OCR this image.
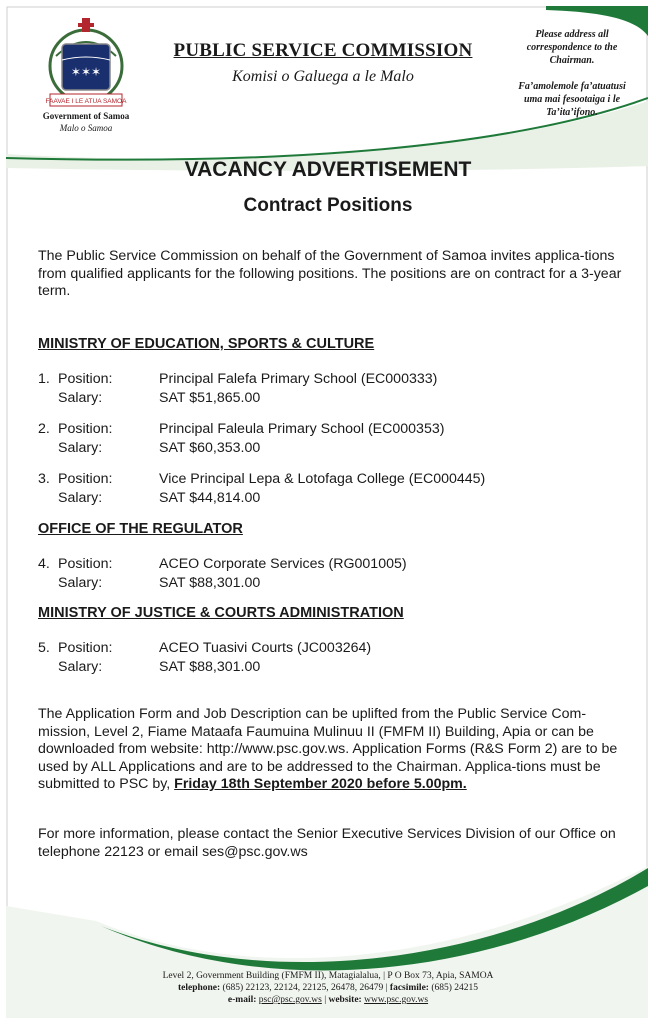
✶✶✶
FAAVAE I LE ATUA SAMOA
Government of Samoa
Malo o Samoa
PUBLIC SERVICE COMMISSION
Komisi o Galuega a le Malo

Please address all correspondence to the Chairman.

Fa’amolemole fa’atuatusi uma mai fesootaiga i le Ta’ita’ifono.

VACANCY ADVERTISEMENT
Contract Positions
The Public Service Commission on behalf of the Government of Samoa invites applica-tions from qualified applicants for the following positions. The positions are on contract for a 3-year term.
MINISTRY OF EDUCATION, SPORTS & CULTURE
1. Position:	Principal Falefa Primary School (EC000333)
Salary:	SAT $51,865.00
2. Position:	Principal Faleula Primary School (EC000353)
Salary:	SAT $60,353.00
3. Position:	Vice Principal Lepa & Lotofaga College (EC000445)
Salary:	SAT $44,814.00
OFFICE OF THE REGULATOR
4. Position:	ACEO Corporate Services (RG001005)
Salary:	SAT $88,301.00
MINISTRY OF JUSTICE & COURTS ADMINISTRATION
5. Position:	ACEO Tuasivi Courts (JC003264)
Salary:	SAT $88,301.00
The Application Form and Job Description can be uplifted from the Public Service Com-mission, Level 2, Fiame Mataafa Faumuina Mulinuu II (FMFM II) Building, Apia or can be downloaded from website: http://www.psc.gov.ws. Application Forms (R&S Form 2) are to be used by ALL Applications and are to be addressed to the Chairman. Applica-tions must be submitted to PSC by, Friday 18th September 2020 before 5.00pm.
For more information, please contact the Senior Executive Services Division of our Office on telephone 22123 or email ses@psc.gov.ws
Level 2, Government Building (FMFM II), Matagialalua, | P O Box 73, Apia, SAMOA
telephone: (685) 22123, 22124, 22125, 26478, 26479 | facsimile: (685) 24215
e-mail: psc@psc.gov.ws | website: www.psc.gov.ws
